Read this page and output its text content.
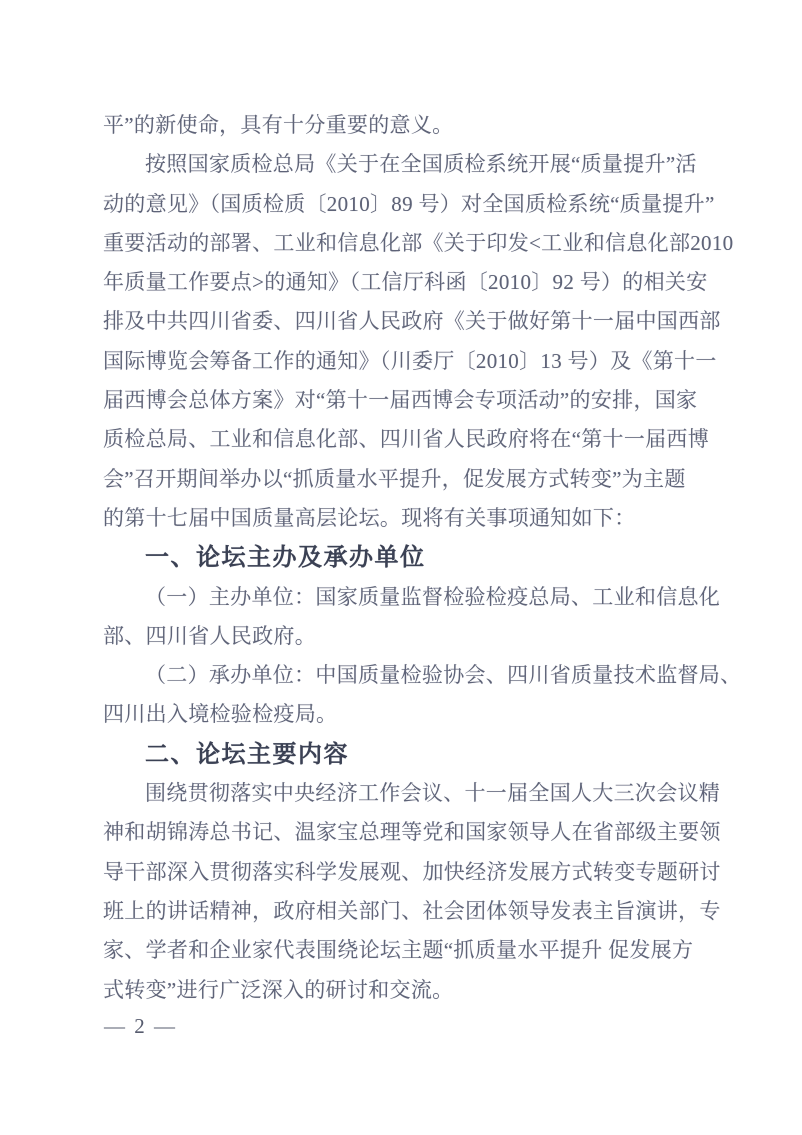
平”的新使命，具有十分重要的意义。
按照国家质检总局《关于在全国质检系统开展“质量提升”活
动的意见》（国质检质〔2010〕89 号）对全国质检系统“质量提升”
重要活动的部署、工业和信息化部《关于印发<工业和信息化部2010
年质量工作要点>的通知》（工信厅科函〔2010〕92 号）的相关安
排及中共四川省委、四川省人民政府《关于做好第十一届中国西部
国际博览会筹备工作的通知》（川委厅〔2010〕13 号）及《第十一
届西博会总体方案》对“第十一届西博会专项活动”的安排，国家
质检总局、工业和信息化部、四川省人民政府将在“第十一届西博
会”召开期间举办以“抓质量水平提升，促发展方式转变”为主题
的第十七届中国质量高层论坛。现将有关事项通知如下：
一、论坛主办及承办单位
（一）主办单位：国家质量监督检验检疫总局、工业和信息化
部、四川省人民政府。
（二）承办单位：中国质量检验协会、四川省质量技术监督局、
四川出入境检验检疫局。
二、论坛主要内容
围绕贯彻落实中央经济工作会议、十一届全国人大三次会议精
神和胡锦涛总书记、温家宝总理等党和国家领导人在省部级主要领
导干部深入贯彻落实科学发展观、加快经济发展方式转变专题研讨
班上的讲话精神，政府相关部门、社会团体领导发表主旨演讲，专
家、学者和企业家代表围绕论坛主题“抓质量水平提升 促发展方
式转变”进行广泛深入的研讨和交流。
— 2 —
